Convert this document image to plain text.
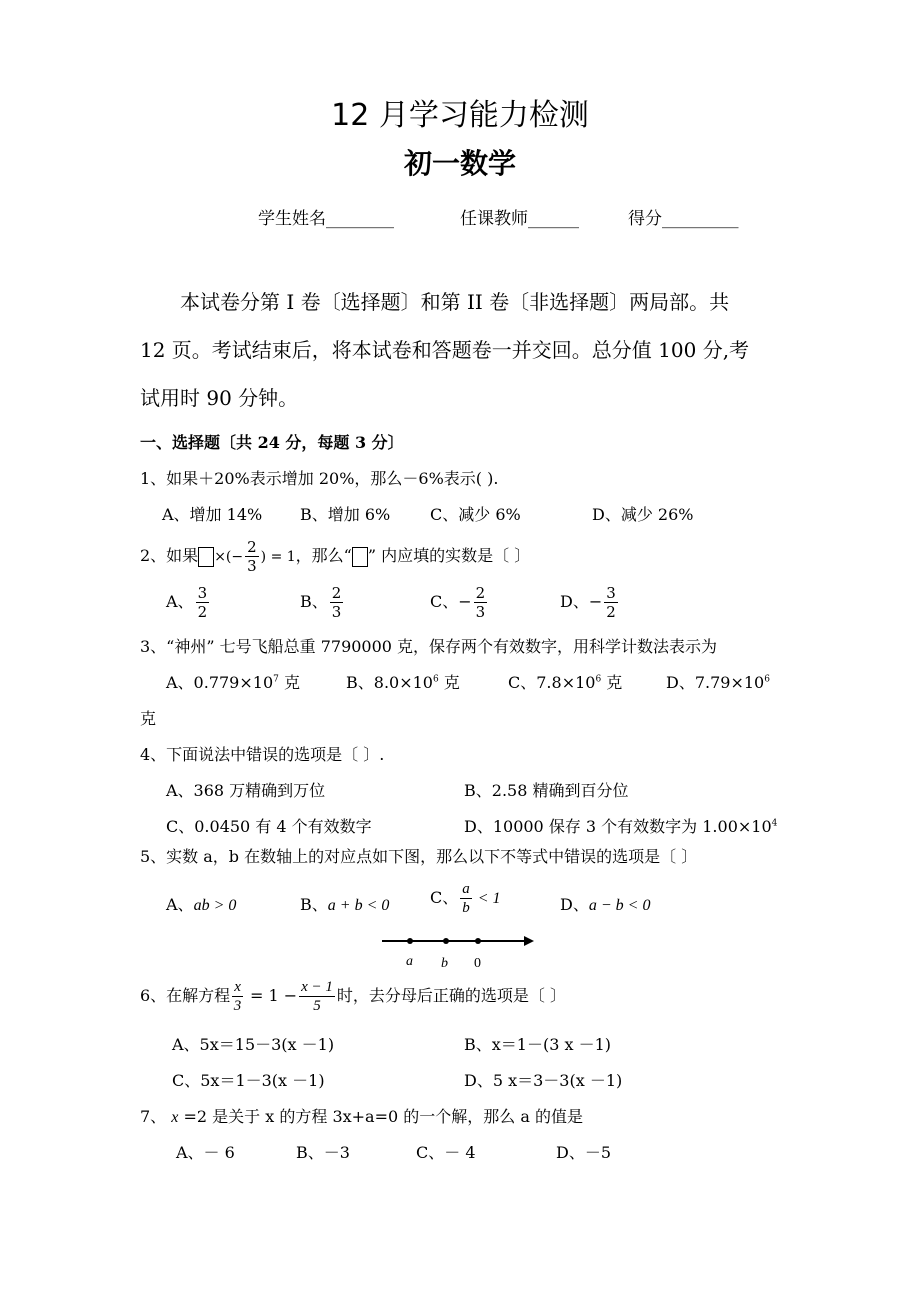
12 月学习能力检测
初一数学
学生姓名________	任课教师______	得分_________
本试卷分第 I 卷〔选择题〕和第 II 卷〔非选择题〕两局部。共
12 页。考试结束后，将本试卷和答题卷一并交回。总分值 100 分,考
试用时 90 分钟。
一、选择题〔共 24 分，每题 3 分〕
1、如果＋20%表示增加 20%，那么－6%表示( ).
A、增加 14% B、增加 6% C、减少 6%	D、减少 26%
2、如果 ×(− $\frac{2}{3}$ ) = 1，那么“ ” 内应填的实数是〔 〕
A、 $\frac{3}{2}$	B、 $\frac{2}{3}$	C、− $\frac{2}{3}$	D、− $\frac{3}{2}$
3、“神州” 七号飞船总重 7790000 克，保存两个有效数字，用科学计数法表示为
A、$0.779\times 10^7$ 克	B、$8.0\times 10^6$ 克	C、$7.8\times 10^6$ 克	D、$7.79\times 10^6$
克
4、下面说法中错误的选项是〔 〕.
A、368 万精确到万位	B、2.58 精确到百分位
C、0.0450 有 4 个有效数字	D、10000 保存 3 个有效数字为 $1.00\times 10^4$
5、实数 a，b 在数轴上的对应点如下图，那么以下不等式中错误的选项是〔 〕
A、ab > 0	B、a + b < 0	C、 $\frac{a}{b} < 1$	D、a − b < 0
a b 0
6、在解方程 $\frac{x}{3} = 1 - \frac{x - 1}{5}$ 时，去分母后正确的选项是〔 〕
A、5x＝15－3(x －1)	B、x＝1－(3 x －1)
C、5x＝1－3(x －1)	D、5 x＝3－3(x －1)
7、 x =2 是关于 x 的方程 3x+a=0 的一个解，那么 a 的值是
A、－ 6	B、－3	C、－ 4	D、－5
